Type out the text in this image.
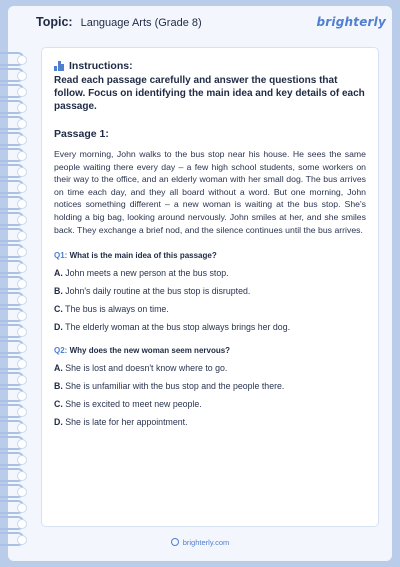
Topic: Language Arts (Grade 8)	brighterly
Instructions:
Read each passage carefully and answer the questions that follow. Focus on identifying the main idea and key details of each passage.
Passage 1:
Every morning, John walks to the bus stop near his house. He sees the same people waiting there every day – a few high school students, some workers on their way to the office, and an elderly woman with her small dog. The bus arrives on time each day, and they all board without a word. But one morning, John notices something different – a new woman is waiting at the bus stop. She's holding a big bag, looking around nervously. John smiles at her, and she smiles back. They exchange a brief nod, and the silence continues until the bus arrives.
Q1: What is the main idea of this passage?
A. John meets a new person at the bus stop.
B. John's daily routine at the bus stop is disrupted.
C. The bus is always on time.
D. The elderly woman at the bus stop always brings her dog.
Q2: Why does the new woman seem nervous?
A. She is lost and doesn't know where to go.
B. She is unfamiliar with the bus stop and the people there.
C. She is excited to meet new people.
D. She is late for her appointment.
brighterly.com
